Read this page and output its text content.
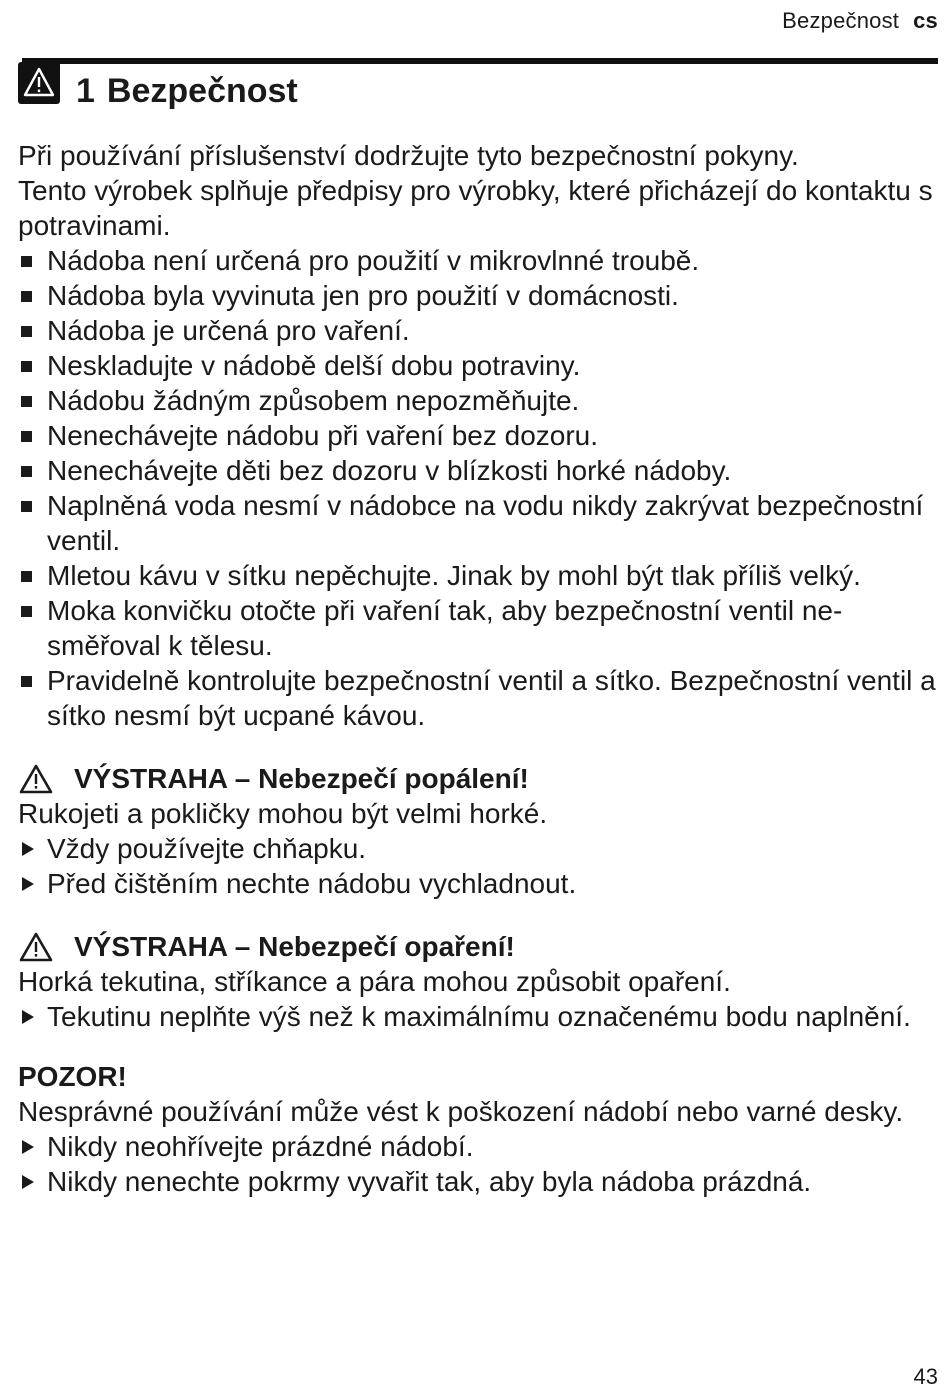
Bezpečnost cs
1 Bezpečnost

Při používání příslušenství dodržujte tyto bezpečnostní pokyny.

Tento výrobek splňuje předpisy pro výrobky, které přicházejí do kontaktu s potravinami.

Nádoba není určená pro použití v mikrovlnné troubě.
Nádoba byla vyvinuta jen pro použití v domácnosti.
Nádoba je určená pro vaření.
Neskladujte v nádobě delší dobu potraviny.
Nádobu žádným způsobem nepozměňujte.
Nenechávejte nádobu při vaření bez dozoru.
Nenechávejte děti bez dozoru v blízkosti horké nádoby.
Naplněná voda nesmí v nádobce na vodu nikdy zakrývat bezpečnostní ventil.
Mletou kávu v sítku nepěchujte. Jinak by mohl být tlak příliš velký.
Moka konvičku otočte při vaření tak, aby bezpečnostní ventil nesměřoval k tělesu.
Pravidelně kontrolujte bezpečnostní ventil a sítko. Bezpečnostní ventil a sítko nesmí být ucpané kávou.
VÝSTRAHA – Nebezpečí popálení!

Rukojeti a pokličky mohou být velmi horké.

Vždy používejte chňapku.
Před čištěním nechte nádobu vychladnout.
VÝSTRAHA – Nebezpečí opaření!

Horká tekutina, stříkance a pára mohou způsobit opaření.

Tekutinu neplňte výš než k maximálnímu označenému bodu naplnění.

POZOR!

Nesprávné používání může vést k poškození nádobí nebo varné desky.

Nikdy neohřívejte prázdné nádobí.
Nikdy nenechte pokrmy vyvařit tak, aby byla nádoba prázdná.
43
